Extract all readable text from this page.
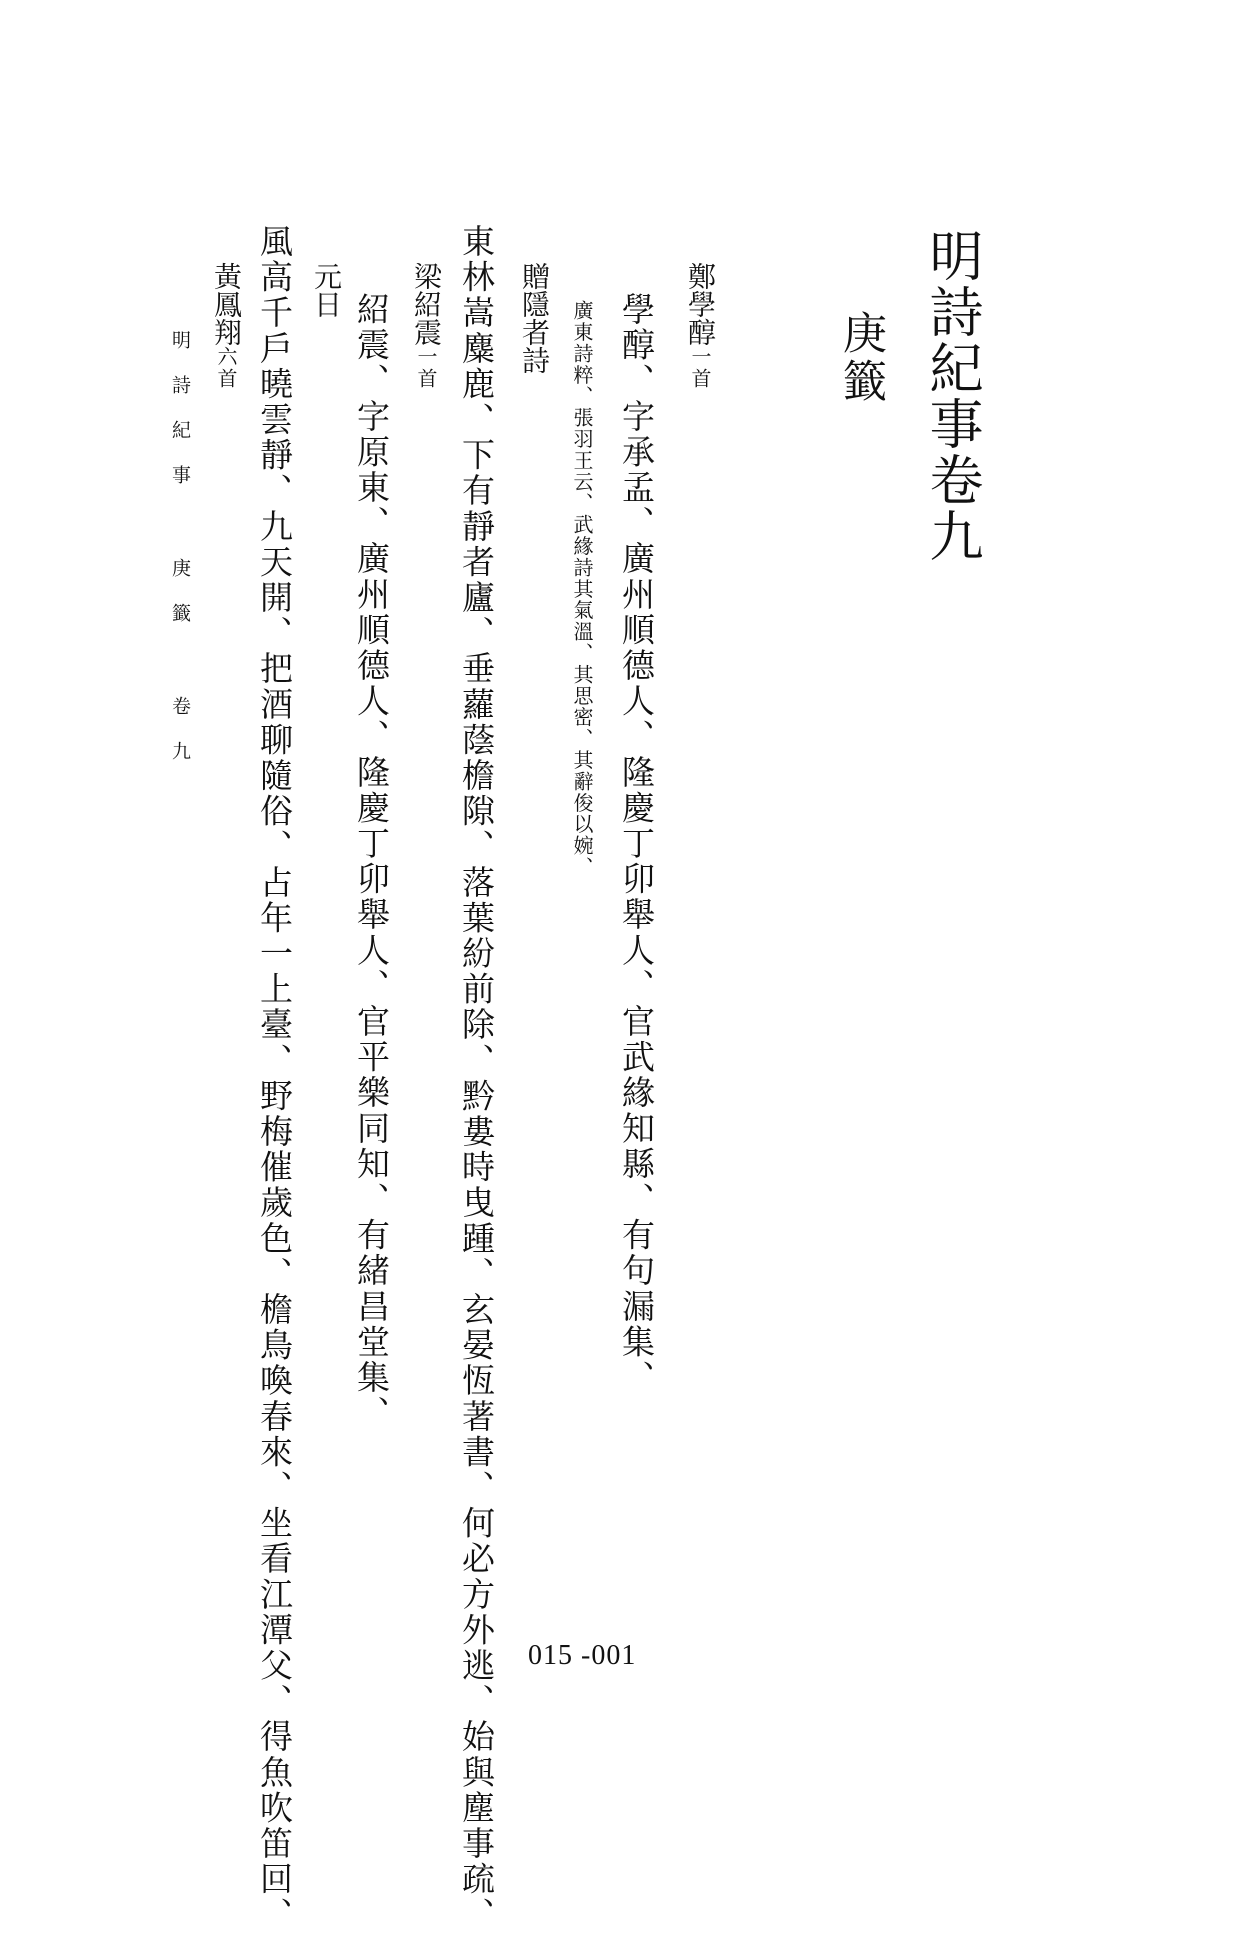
明詩紀事卷九
庚籤
鄭學醇一首
學醇、字承孟、廣州順德人、隆慶丁卯舉人、官武緣知縣、有句漏集、
廣東詩粹、張羽王云、武緣詩其氣溫、其思密、其辭俊以婉、
贈隱者詩
東林嵩麋鹿、下有靜者廬、垂蘿蔭檐隙、落葉紛前除、黔婁時曳踵、玄晏恆著書、何必方外逃、始與塵事疏、
梁紹震一首
紹震、字原東、廣州順德人、隆慶丁卯舉人、官平樂同知、有緒昌堂集、
元日
風高千戶曉雲靜、九天開、把酒聊隨俗、占年一上臺、野梅催歲色、檐鳥喚春來、坐看江潭父、得魚吹笛回、
黃鳳翔六首
明詩紀事 庚籤 卷九
015 -001
